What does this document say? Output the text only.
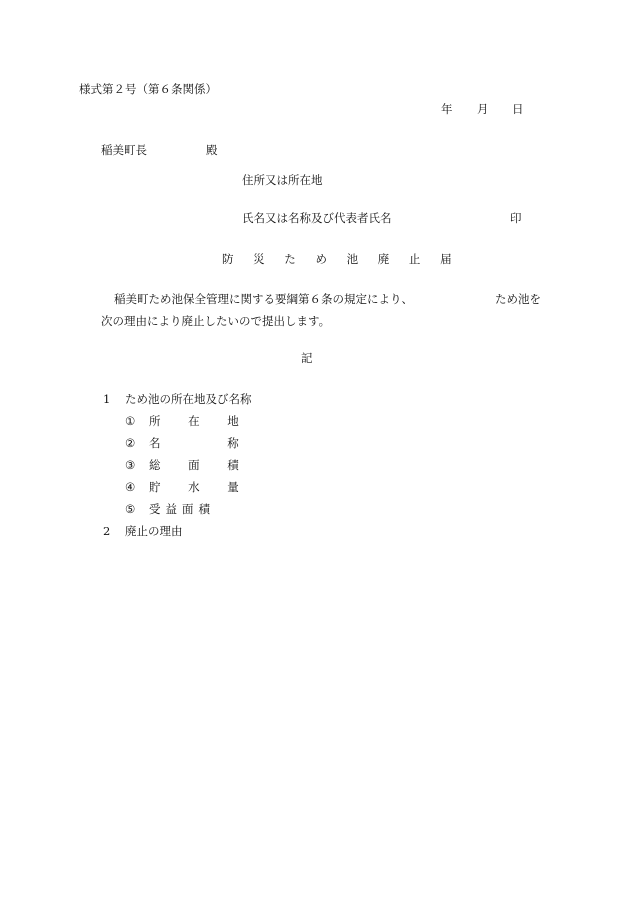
様式第２号（第６条関係）
年 月 日
稲美町長	殿
住所又は所在地
氏名又は名称及び代表者氏名	印
防 災 た め 池 廃 止 届
稲美町ため池保全管理に関する要綱第６条の規定により、	ため池を
次の理由により廃止したいので提出します。
記
1 ため池の所在地及び名称
① 所 在 地
② 名 　 称
③ 総 面 積
④ 貯 水 量
⑤ 受益面積
2 廃止の理由
